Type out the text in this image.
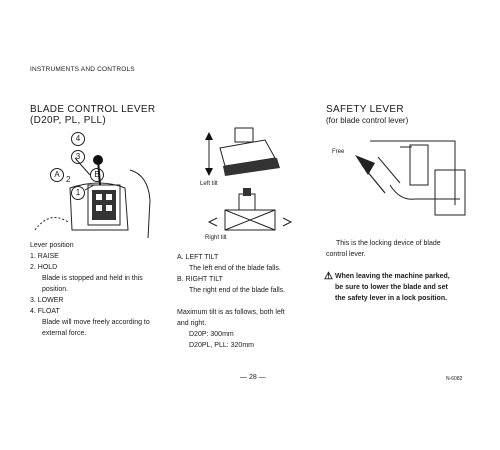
INSTRUMENTS AND CONTROLS
BLADE CONTROL LEVER
(D20P, PL, PLL)
4
3
A
2
B
1
Lever position
1. RAISE
2. HOLD
Blade is stopped and held in this
position.
3. LOWER
4. FLOAT
Blade will move freely according to
external force.
Left tilt
Right tilt
A. LEFT TILT
The left end of the blade falls.
B. RIGHT TILT
The right end of the blade falls.
Maximum tilt is as follows, both left
and right.
D20P: 300mm
D20PL, PLL: 320mm
SAFETY LEVER
(for blade control lever)
Free
This is the locking device of blade
control lever.
⚠ When leaving the machine parked,
be sure to lower the blade and set
the safety lever in a lock position.
— 28 —	N-6082
